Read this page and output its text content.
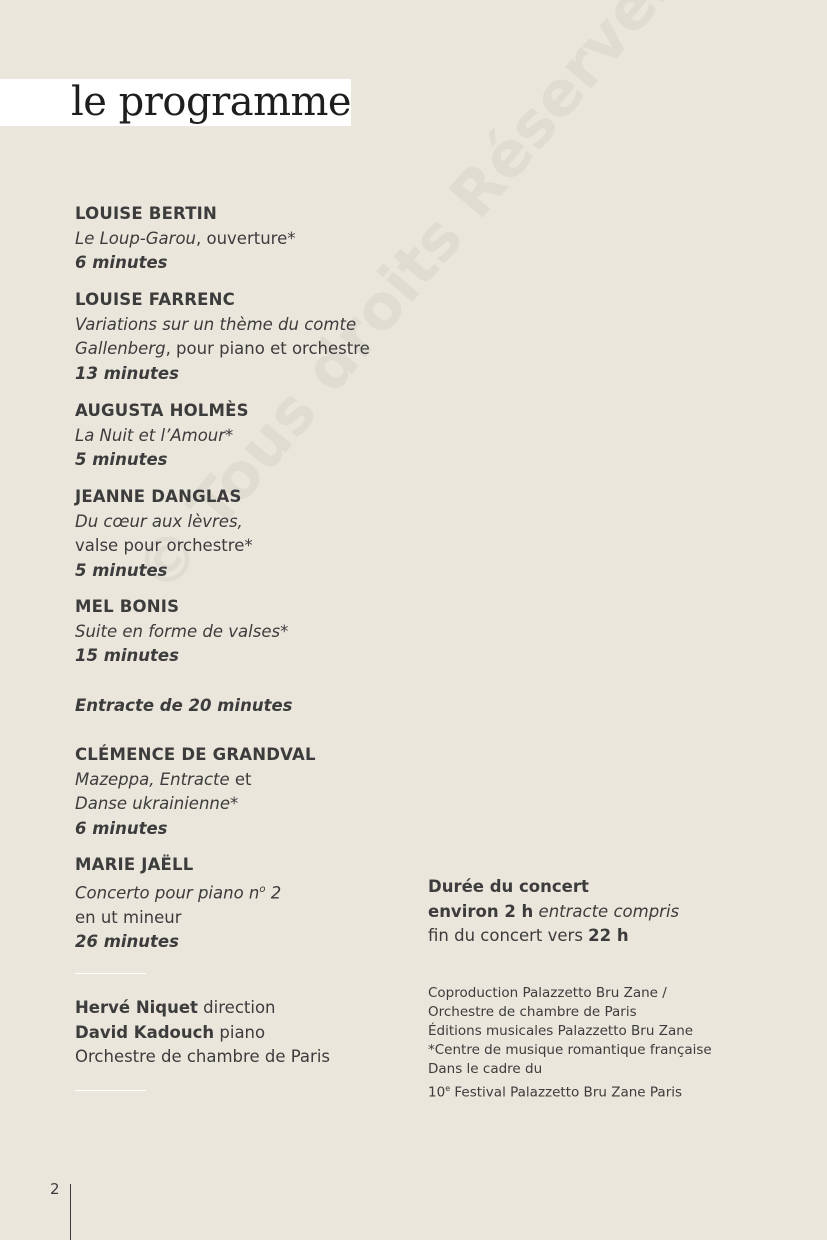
le programme
LOUISE BERTIN
Le Loup-Garou, ouverture*
6 minutes
LOUISE FARRENC
Variations sur un thème du comte
Gallenberg, pour piano et orchestre
13 minutes
AUGUSTA HOLMÈS
La Nuit et l’Amour*
5 minutes
JEANNE DANGLAS
Du cœur aux lèvres,
valse pour orchestre*
5 minutes
MEL BONIS
Suite en forme de valses*
15 minutes
Entracte de 20 minutes
CLÉMENCE DE GRANDVAL
Mazeppa, Entracte et
Danse ukrainienne*
6 minutes
MARIE JAËLL
Concerto pour piano $n^o$ 2
en ut mineur
26 minutes
Hervé Niquet direction
David Kadouch piano
Orchestre de chambre de Paris
Durée du concert
environ 2 h entracte compris
fin du concert vers 22 h
Coproduction Palazzetto Bru Zane /
Orchestre de chambre de Paris
Éditions musicales Palazzetto Bru Zane
*Centre de musique romantique française
Dans le cadre du
10e Festival Palazzetto Bru Zane Paris
2
